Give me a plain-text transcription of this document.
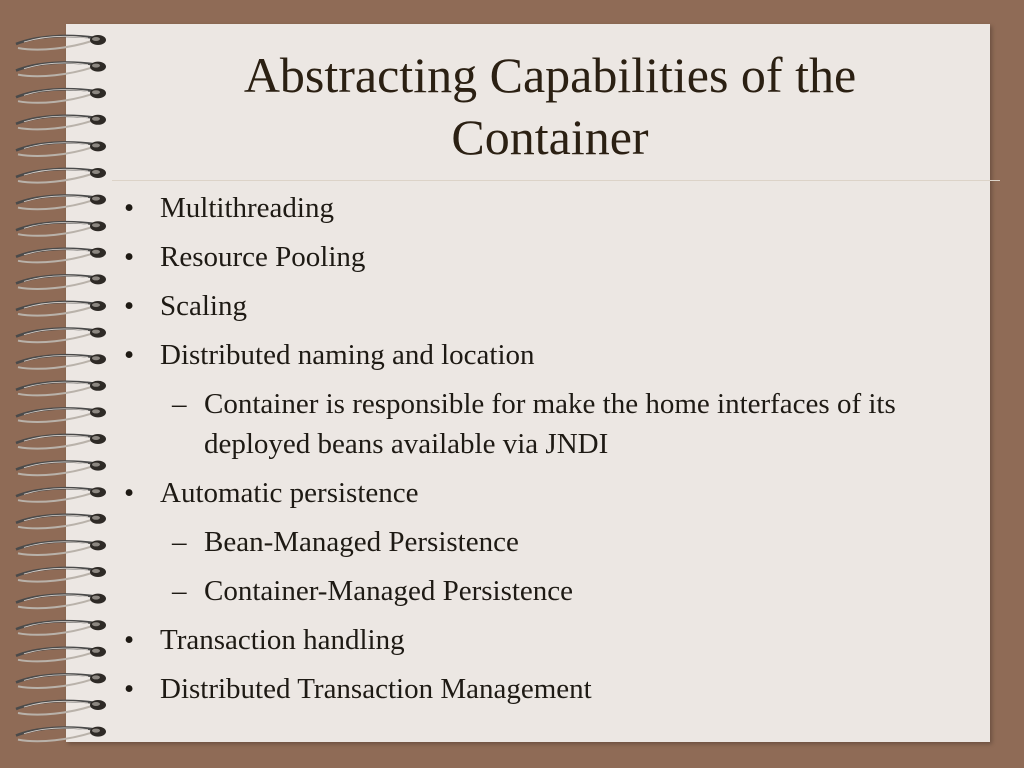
Abstracting Capabilities of the Container
• Multithreading
• Resource Pooling
• Scaling
• Distributed naming and location
– Container is responsible for make the home interfaces of its deployed beans available via JNDI
• Automatic persistence
– Bean-Managed Persistence
– Container-Managed Persistence
• Transaction handling
• Distributed Transaction Management
